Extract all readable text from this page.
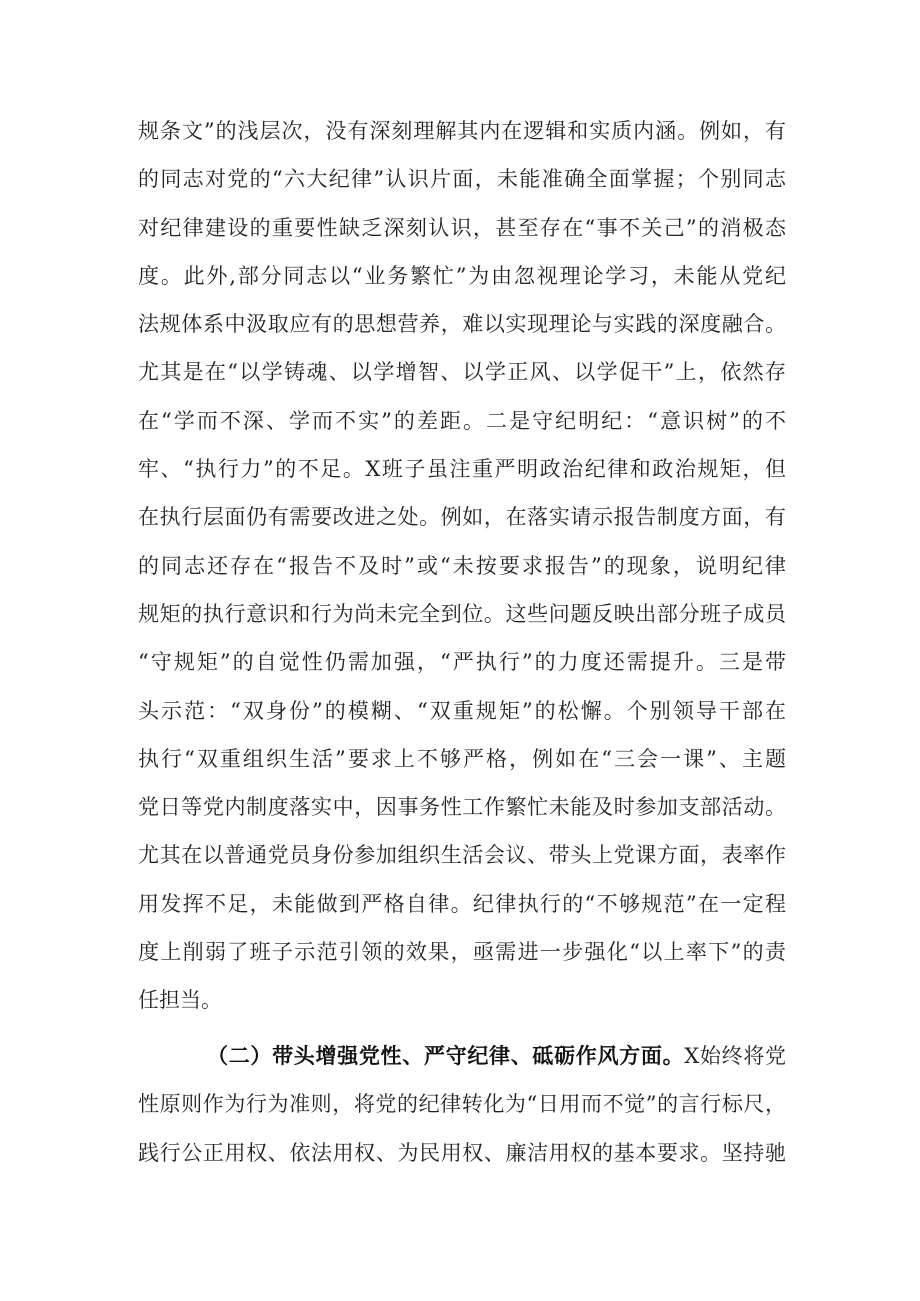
规条文”的浅层次，没有深刻理解其内在逻辑和实质内涵。例如，有
的同志对党的“六大纪律”认识片面，未能准确全面掌握；个别同志
对纪律建设的重要性缺乏深刻认识，甚至存在“事不关己”的消极态
度。此外,部分同志以“业务繁忙”为由忽视理论学习，未能从党纪
法规体系中汲取应有的思想营养，难以实现理论与实践的深度融合。
尤其是在“以学铸魂、以学增智、以学正风、以学促干”上，依然存
在“学而不深、学而不实”的差距。二是守纪明纪：“意识树”的不
牢、“执行力”的不足。X班子虽注重严明政治纪律和政治规矩，但
在执行层面仍有需要改进之处。例如，在落实请示报告制度方面，有
的同志还存在“报告不及时”或“未按要求报告”的现象，说明纪律
规矩的执行意识和行为尚未完全到位。这些问题反映出部分班子成员
“守规矩”的自觉性仍需加强，“严执行”的力度还需提升。三是带
头示范：“双身份”的模糊、“双重规矩”的松懈。个别领导干部在
执行“双重组织生活”要求上不够严格，例如在“三会一课”、主题
党日等党内制度落实中，因事务性工作繁忙未能及时参加支部活动。
尤其在以普通党员身份参加组织生活会议、带头上党课方面，表率作
用发挥不足，未能做到严格自律。纪律执行的“不够规范”在一定程
度上削弱了班子示范引领的效果，亟需进一步强化“以上率下”的责
任担当。
（二）带头增强党性、严守纪律、砥砺作风方面。X始终将党
性原则作为行为准则，将党的纪律转化为“日用而不觉”的言行标尺，
践行公正用权、依法用权、为民用权、廉洁用权的基本要求。坚持驰
